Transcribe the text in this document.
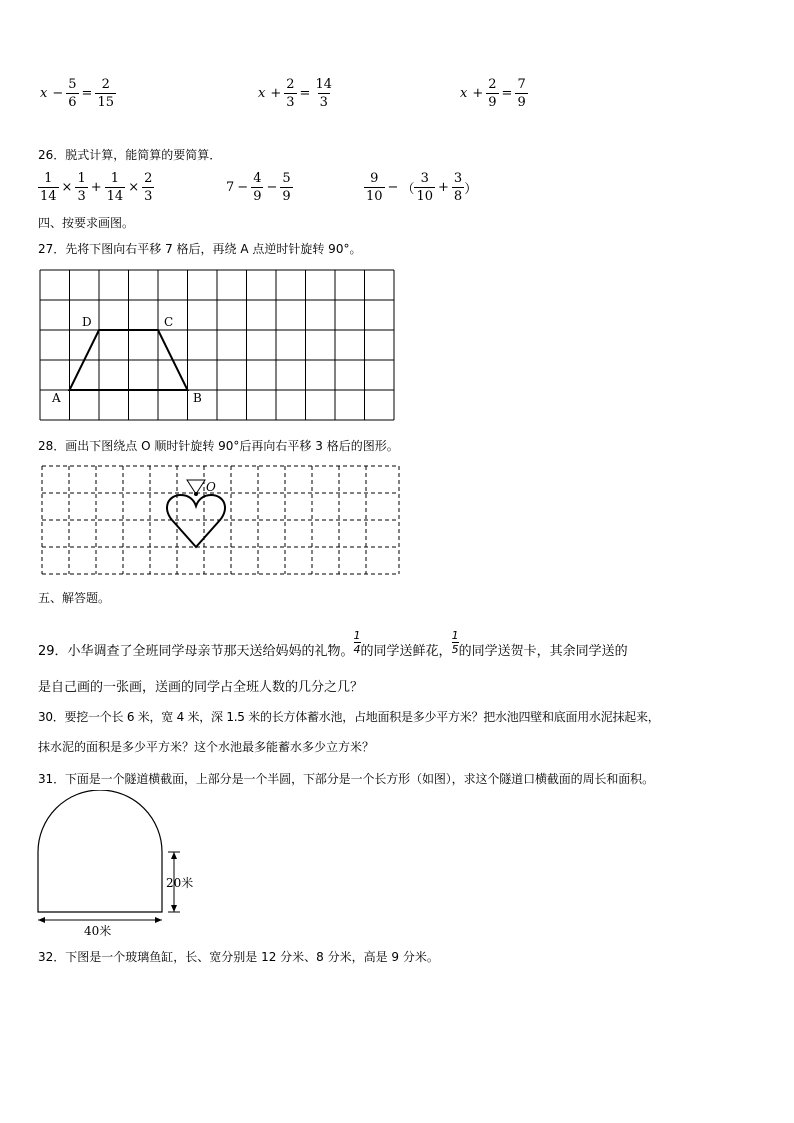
$x - \frac{5}{6} = \frac{2}{15}$	$x + \frac{2}{3} = \frac{14}{3}$	$x + \frac{2}{9} = \frac{7}{9}$
26．脱式计算，能简算的要简算．
$\frac{1}{14} \times \frac{1}{3} + \frac{1}{14} \times \frac{2}{3}$	$7 - \frac{4}{9} - \frac{5}{9}$	$\frac{9}{10}$ − （ $\frac{3}{10} + \frac{3}{8}$ ）
四、按要求画图。
27．先将下图向右平移 7 格后，再绕 A 点逆时针旋转 90°。
A	B
C
D
28．画出下图绕点 O 顺时针旋转 90°后再向右平移 3 格后的图形。
O
五、解答题。
29．小华调查了全班同学母亲节那天送给妈妈的礼物。 $\frac{1}{4}$ 的同学送鲜花， $\frac{1}{5}$ 的同学送贺卡，其余同学送的
是自己画的一张画，送画的同学占全班人数的几分之几？
30．要挖一个长 6 米，宽 4 米，深 1.5 米的长方体蓄水池，占地面积是多少平方米？把水池四壁和底面用水泥抹起来，
抹水泥的面积是多少平方米？这个水池最多能蓄水多少立方米？
31．下面是一个隧道横截面，上部分是一个半圆，下部分是一个长方形（如图），求这个隧道口横截面的周长和面积。
20米
40米
32．下图是一个玻璃鱼缸，长、宽分别是 12 分米、8 分米，高是 9 分米。
